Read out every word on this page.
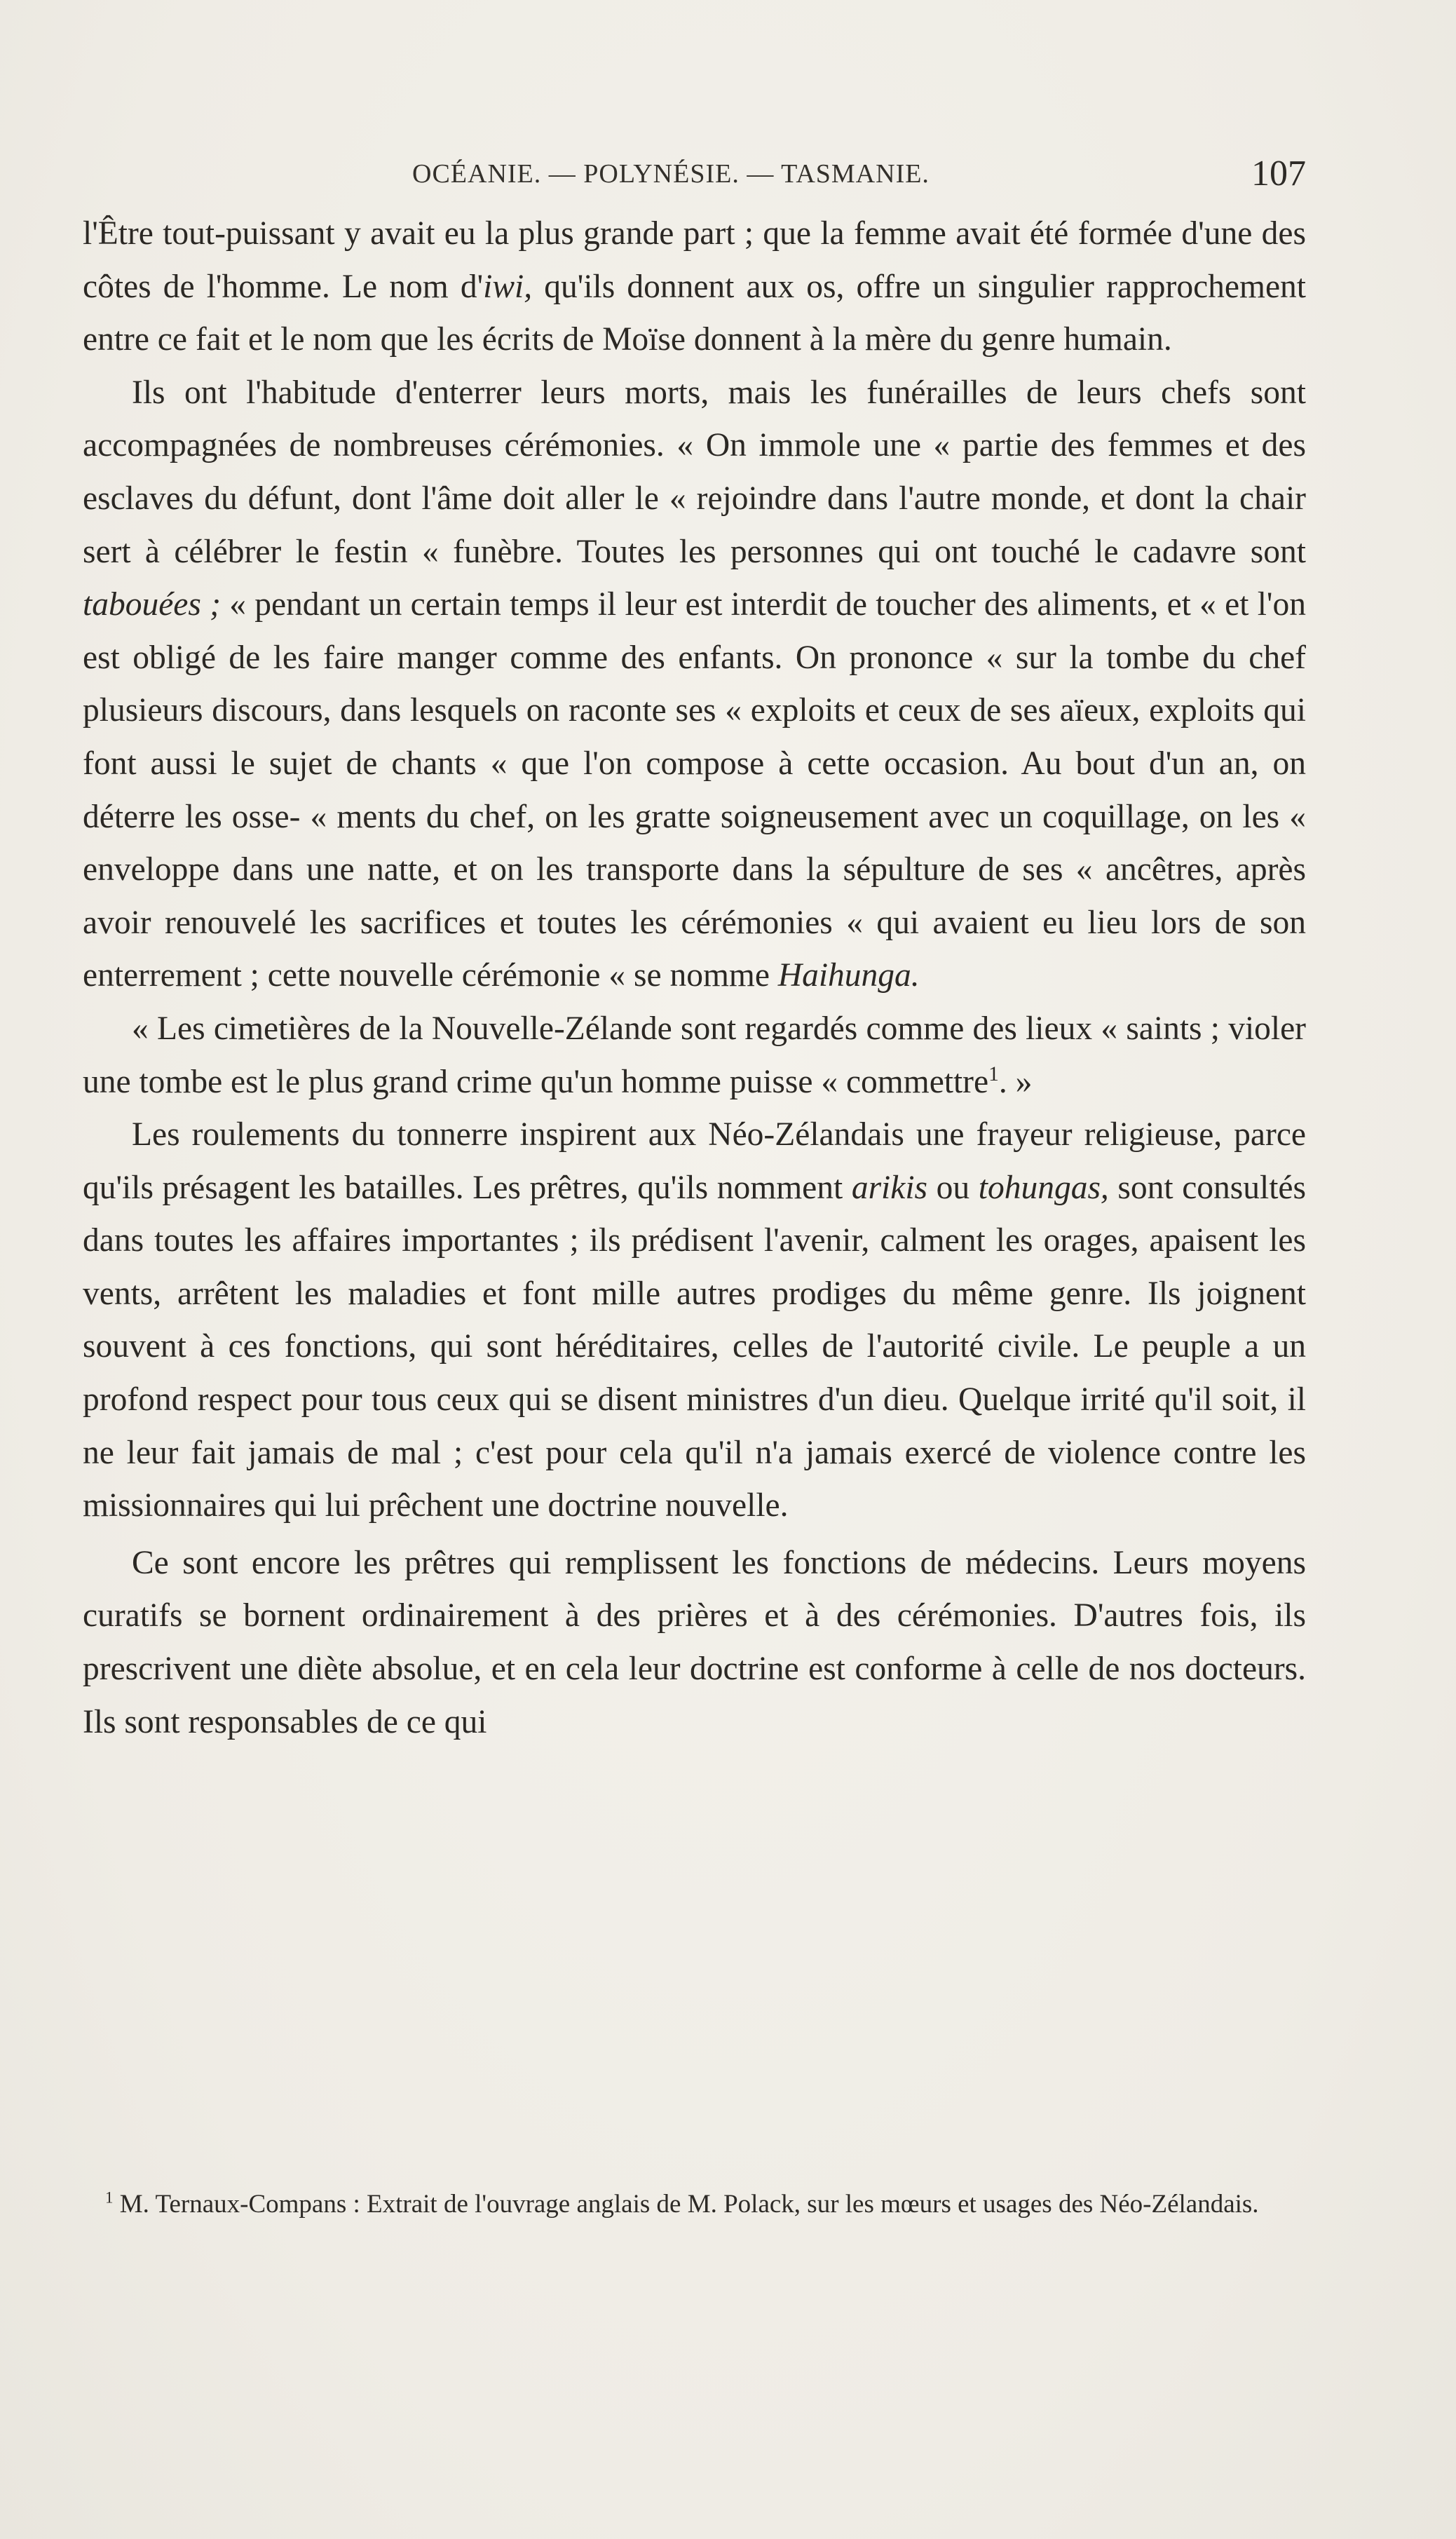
OCÉANIE. — POLYNÉSIE. — TASMANIE.	107

l'Être tout-puissant y avait eu la plus grande part ; que la femme avait été formée d'une des côtes de l'homme. Le nom d'iwi, qu'ils donnent aux os, offre un singulier rapprochement entre ce fait et le nom que les écrits de Moïse donnent à la mère du genre humain.

Ils ont l'habitude d'enterrer leurs morts, mais les funérailles de leurs chefs sont accompagnées de nombreuses cérémonies. « On immole une « partie des femmes et des esclaves du défunt, dont l'âme doit aller le « rejoindre dans l'autre monde, et dont la chair sert à célébrer le festin « funèbre. Toutes les personnes qui ont touché le cadavre sont tabouées ; « pendant un certain temps il leur est interdit de toucher des aliments, et « et l'on est obligé de les faire manger comme des enfants. On prononce « sur la tombe du chef plusieurs discours, dans lesquels on raconte ses « exploits et ceux de ses aïeux, exploits qui font aussi le sujet de chants « que l'on compose à cette occasion. Au bout d'un an, on déterre les osse- « ments du chef, on les gratte soigneusement avec un coquillage, on les « enveloppe dans une natte, et on les transporte dans la sépulture de ses « ancêtres, après avoir renouvelé les sacrifices et toutes les cérémonies « qui avaient eu lieu lors de son enterrement ; cette nouvelle cérémonie « se nomme Haihunga.

« Les cimetières de la Nouvelle-Zélande sont regardés comme des lieux « saints ; violer une tombe est le plus grand crime qu'un homme puisse « commettre$^1$. »

Les roulements du tonnerre inspirent aux Néo-Zélandais une frayeur religieuse, parce qu'ils présagent les batailles. Les prêtres, qu'ils nomment arikis ou tohungas, sont consultés dans toutes les affaires importantes ; ils prédisent l'avenir, calment les orages, apaisent les vents, arrêtent les maladies et font mille autres prodiges du même genre. Ils joignent souvent à ces fonctions, qui sont héréditaires, celles de l'autorité civile. Le peuple a un profond respect pour tous ceux qui se disent ministres d'un dieu. Quelque irrité qu'il soit, il ne leur fait jamais de mal ; c'est pour cela qu'il n'a jamais exercé de violence contre les missionnaires qui lui prêchent une doctrine nouvelle.

Ce sont encore les prêtres qui remplissent les fonctions de médecins. Leurs moyens curatifs se bornent ordinairement à des prières et à des cérémonies. D'autres fois, ils prescrivent une diète absolue, et en cela leur doctrine est conforme à celle de nos docteurs. Ils sont responsables de ce qui

$^1$ M. Ternaux-Compans : Extrait de l'ouvrage anglais de M. Polack, sur les mœurs et usages des Néo-Zélandais.
